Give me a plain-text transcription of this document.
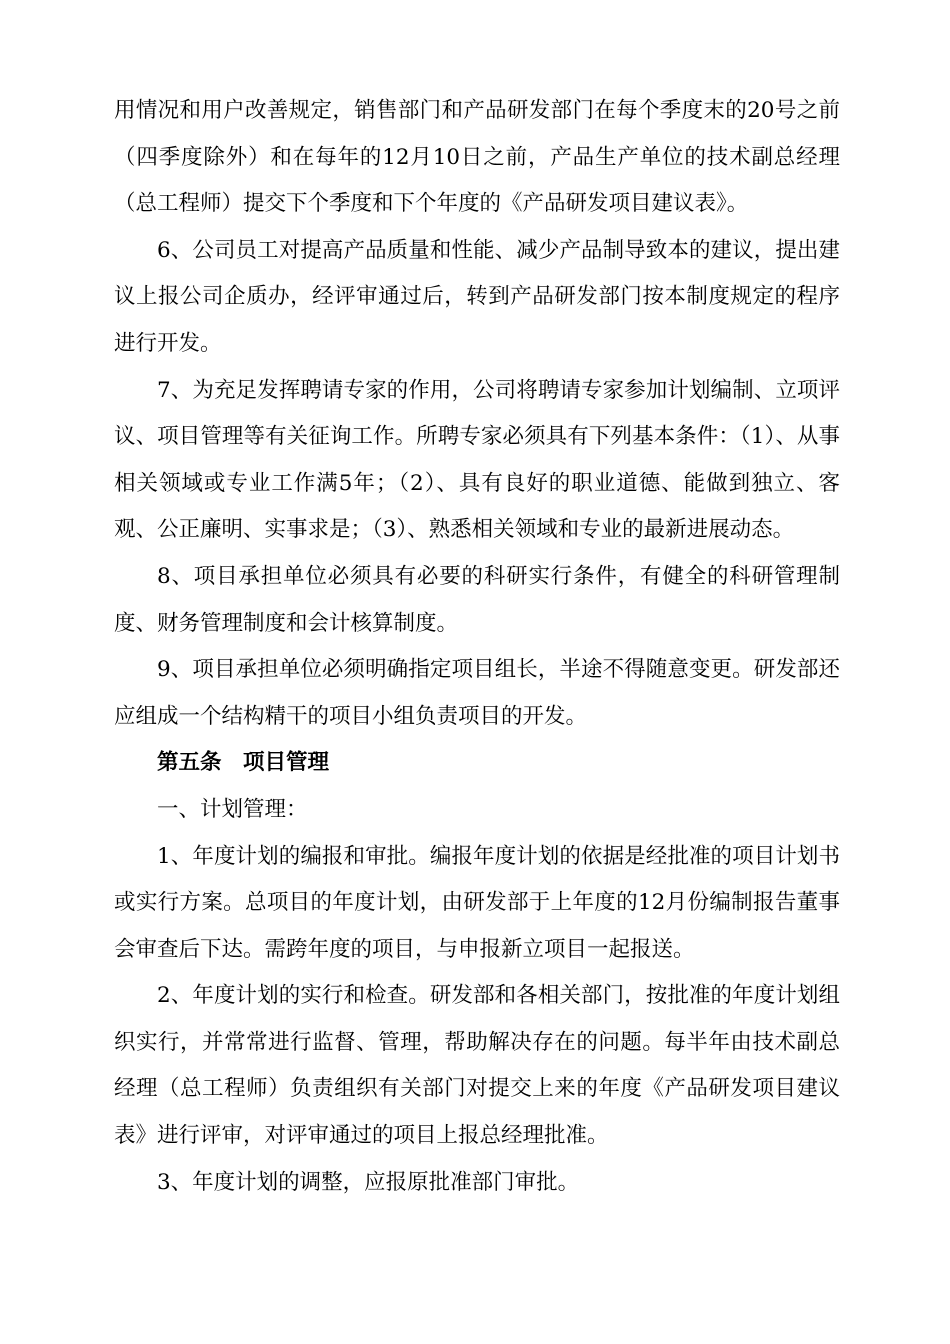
用情况和用户改善规定，销售部门和产品研发部门在每个季度末的20号之前（四季度除外）和在每年的12月10日之前，产品生产单位的技术副总经理（总工程师）提交下个季度和下个年度的《产品研发项目建议表》。

6、公司员工对提高产品质量和性能、减少产品制导致本的建议，提出建议上报公司企质办，经评审通过后，转到产品研发部门按本制度规定的程序进行开发。

7、为充足发挥聘请专家的作用，公司将聘请专家参加计划编制、立项评议、项目管理等有关征询工作。所聘专家必须具有下列基本条件：（1）、从事相关领域或专业工作满5年；（2）、具有良好的职业道德、能做到独立、客观、公正廉明、实事求是；（3）、熟悉相关领域和专业的最新进展动态。

8、项目承担单位必须具有必要的科研实行条件，有健全的科研管理制度、财务管理制度和会计核算制度。

9、项目承担单位必须明确指定项目组长，半途不得随意变更。研发部还应组成一个结构精干的项目小组负责项目的开发。

第五条　项目管理

一、计划管理：

1、年度计划的编报和审批。编报年度计划的依据是经批准的项目计划书或实行方案。总项目的年度计划，由研发部于上年度的12月份编制报告董事会审查后下达。需跨年度的项目，与申报新立项目一起报送。

2、年度计划的实行和检查。研发部和各相关部门，按批准的年度计划组织实行，并常常进行监督、管理，帮助解决存在的问题。每半年由技术副总经理（总工程师）负责组织有关部门对提交上来的年度《产品研发项目建议表》进行评审，对评审通过的项目上报总经理批准。

3、年度计划的调整，应报原批准部门审批。
